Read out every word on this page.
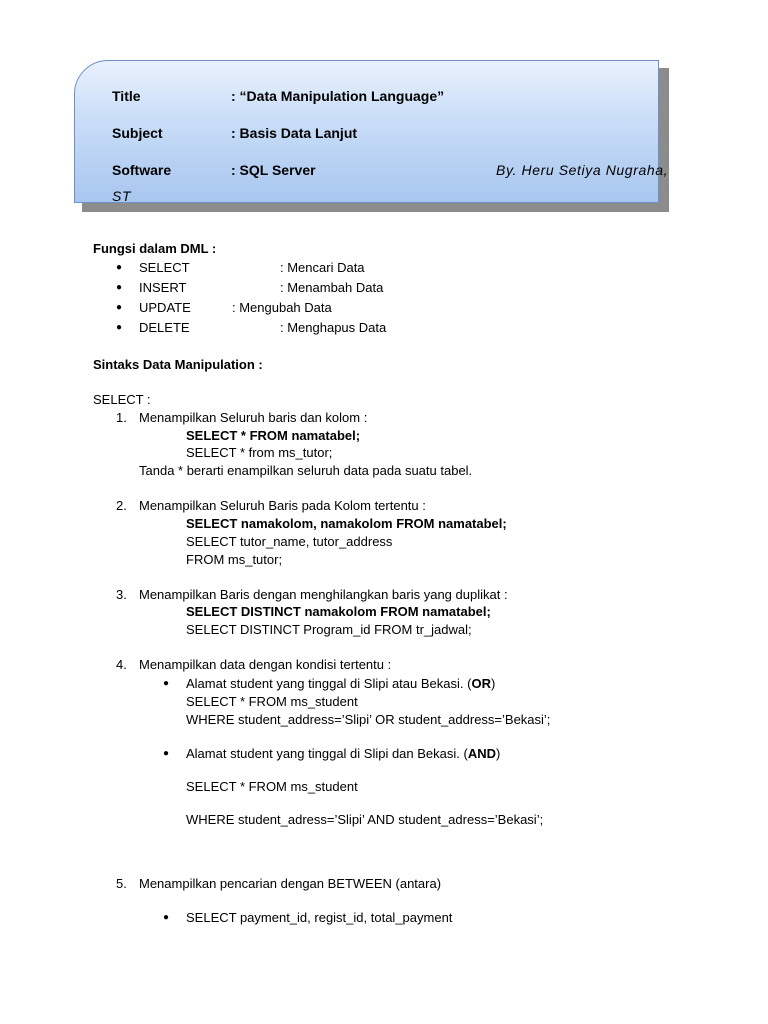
Title	: “Data Manipulation Language”
Subject	: Basis Data Lanjut
Software	: SQL Server	By. Heru Setiya Nugraha,
ST
Fungsi dalam DML :
● SELECT	: Mencari Data
● INSERT	: Menambah Data
● UPDATE	: Mengubah Data
● DELETE	: Menghapus Data
Sintaks Data Manipulation :
SELECT :
1. Menampilkan Seluruh baris dan kolom :
SELECT * FROM namatabel;
SELECT * from ms_tutor;
Tanda * berarti enampilkan seluruh data pada suatu tabel.
2. Menampilkan Seluruh Baris pada Kolom tertentu :
SELECT namakolom, namakolom FROM namatabel;
SELECT tutor_name, tutor_address
FROM ms_tutor;
3. Menampilkan Baris dengan menghilangkan baris yang duplikat :
SELECT DISTINCT namakolom FROM namatabel;
SELECT DISTINCT Program_id FROM tr_jadwal;
4. Menampilkan data dengan kondisi tertentu :
● Alamat student yang tinggal di Slipi atau Bekasi. (OR)
SELECT * FROM ms_student
WHERE student_address=’Slipi’ OR student_address=’Bekasi’;
● Alamat student yang tinggal di Slipi dan Bekasi. (AND)
SELECT * FROM ms_student
WHERE student_adress=’Slipi’ AND student_adress=’Bekasi’;
5. Menampilkan pencarian dengan BETWEEN (antara)
● SELECT payment_id, regist_id, total_payment
